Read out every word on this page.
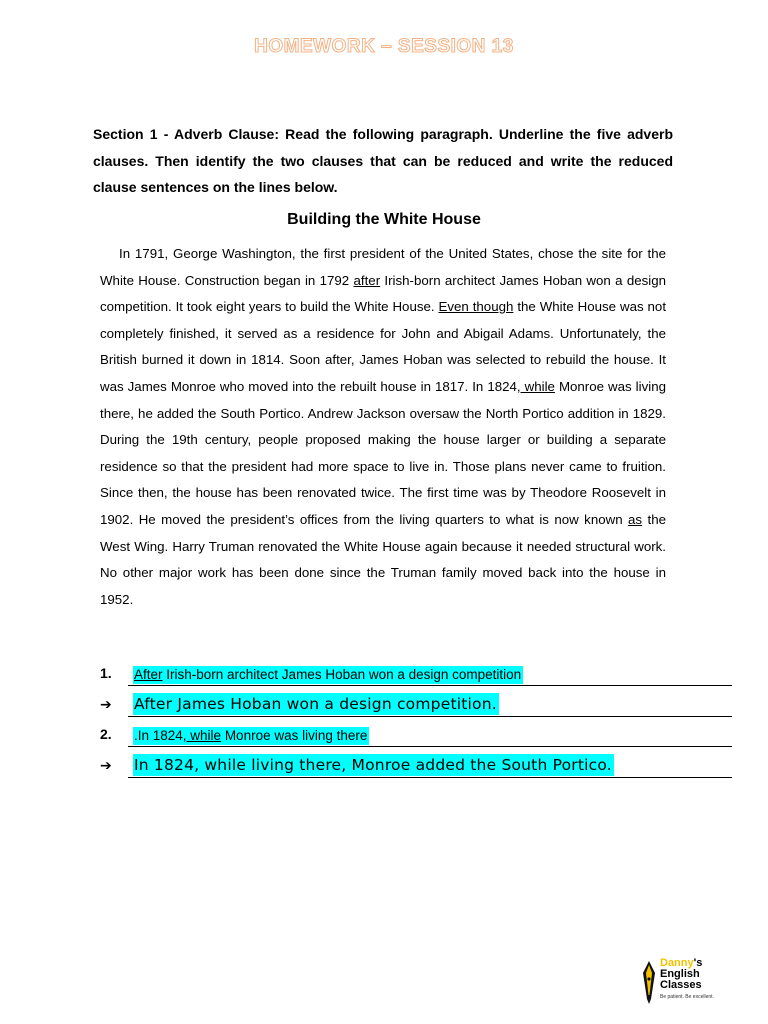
HOMEWORK – SESSION 13
Section 1 - Adverb Clause: Read the following paragraph. Underline the five adverb clauses. Then identify the two clauses that can be reduced and write the reduced clause sentences on the lines below.
Building the White House
In 1791, George Washington, the first president of the United States, chose the site for the White House. Construction began in 1792 after Irish-born architect James Hoban won a design competition. It took eight years to build the White House. Even though the White House was not completely finished, it served as a residence for John and Abigail Adams. Unfortunately, the British burned it down in 1814. Soon after, James Hoban was selected to rebuild the house. It was James Monroe who moved into the rebuilt house in 1817. In 1824, while Monroe was living there, he added the South Portico. Andrew Jackson oversaw the North Portico addition in 1829. During the 19th century, people proposed making the house larger or building a separate residence so that the president had more space to live in. Those plans never came to fruition. Since then, the house has been renovated twice. The first time was by Theodore Roosevelt in 1902. He moved the president’s offices from the living quarters to what is now known as the West Wing. Harry Truman renovated the White House again because it needed structural work. No other major work has been done since the Truman family moved back into the house in 1952.
1.	After Irish-born architect James Hoban won a design competition
➔	After James Hoban won a design competition.
2.	.In 1824, while Monroe was living there
➔	In 1824, while living there, Monroe added the South Portico.
Danny's
English
Classes
Be patient. Be excellent.
